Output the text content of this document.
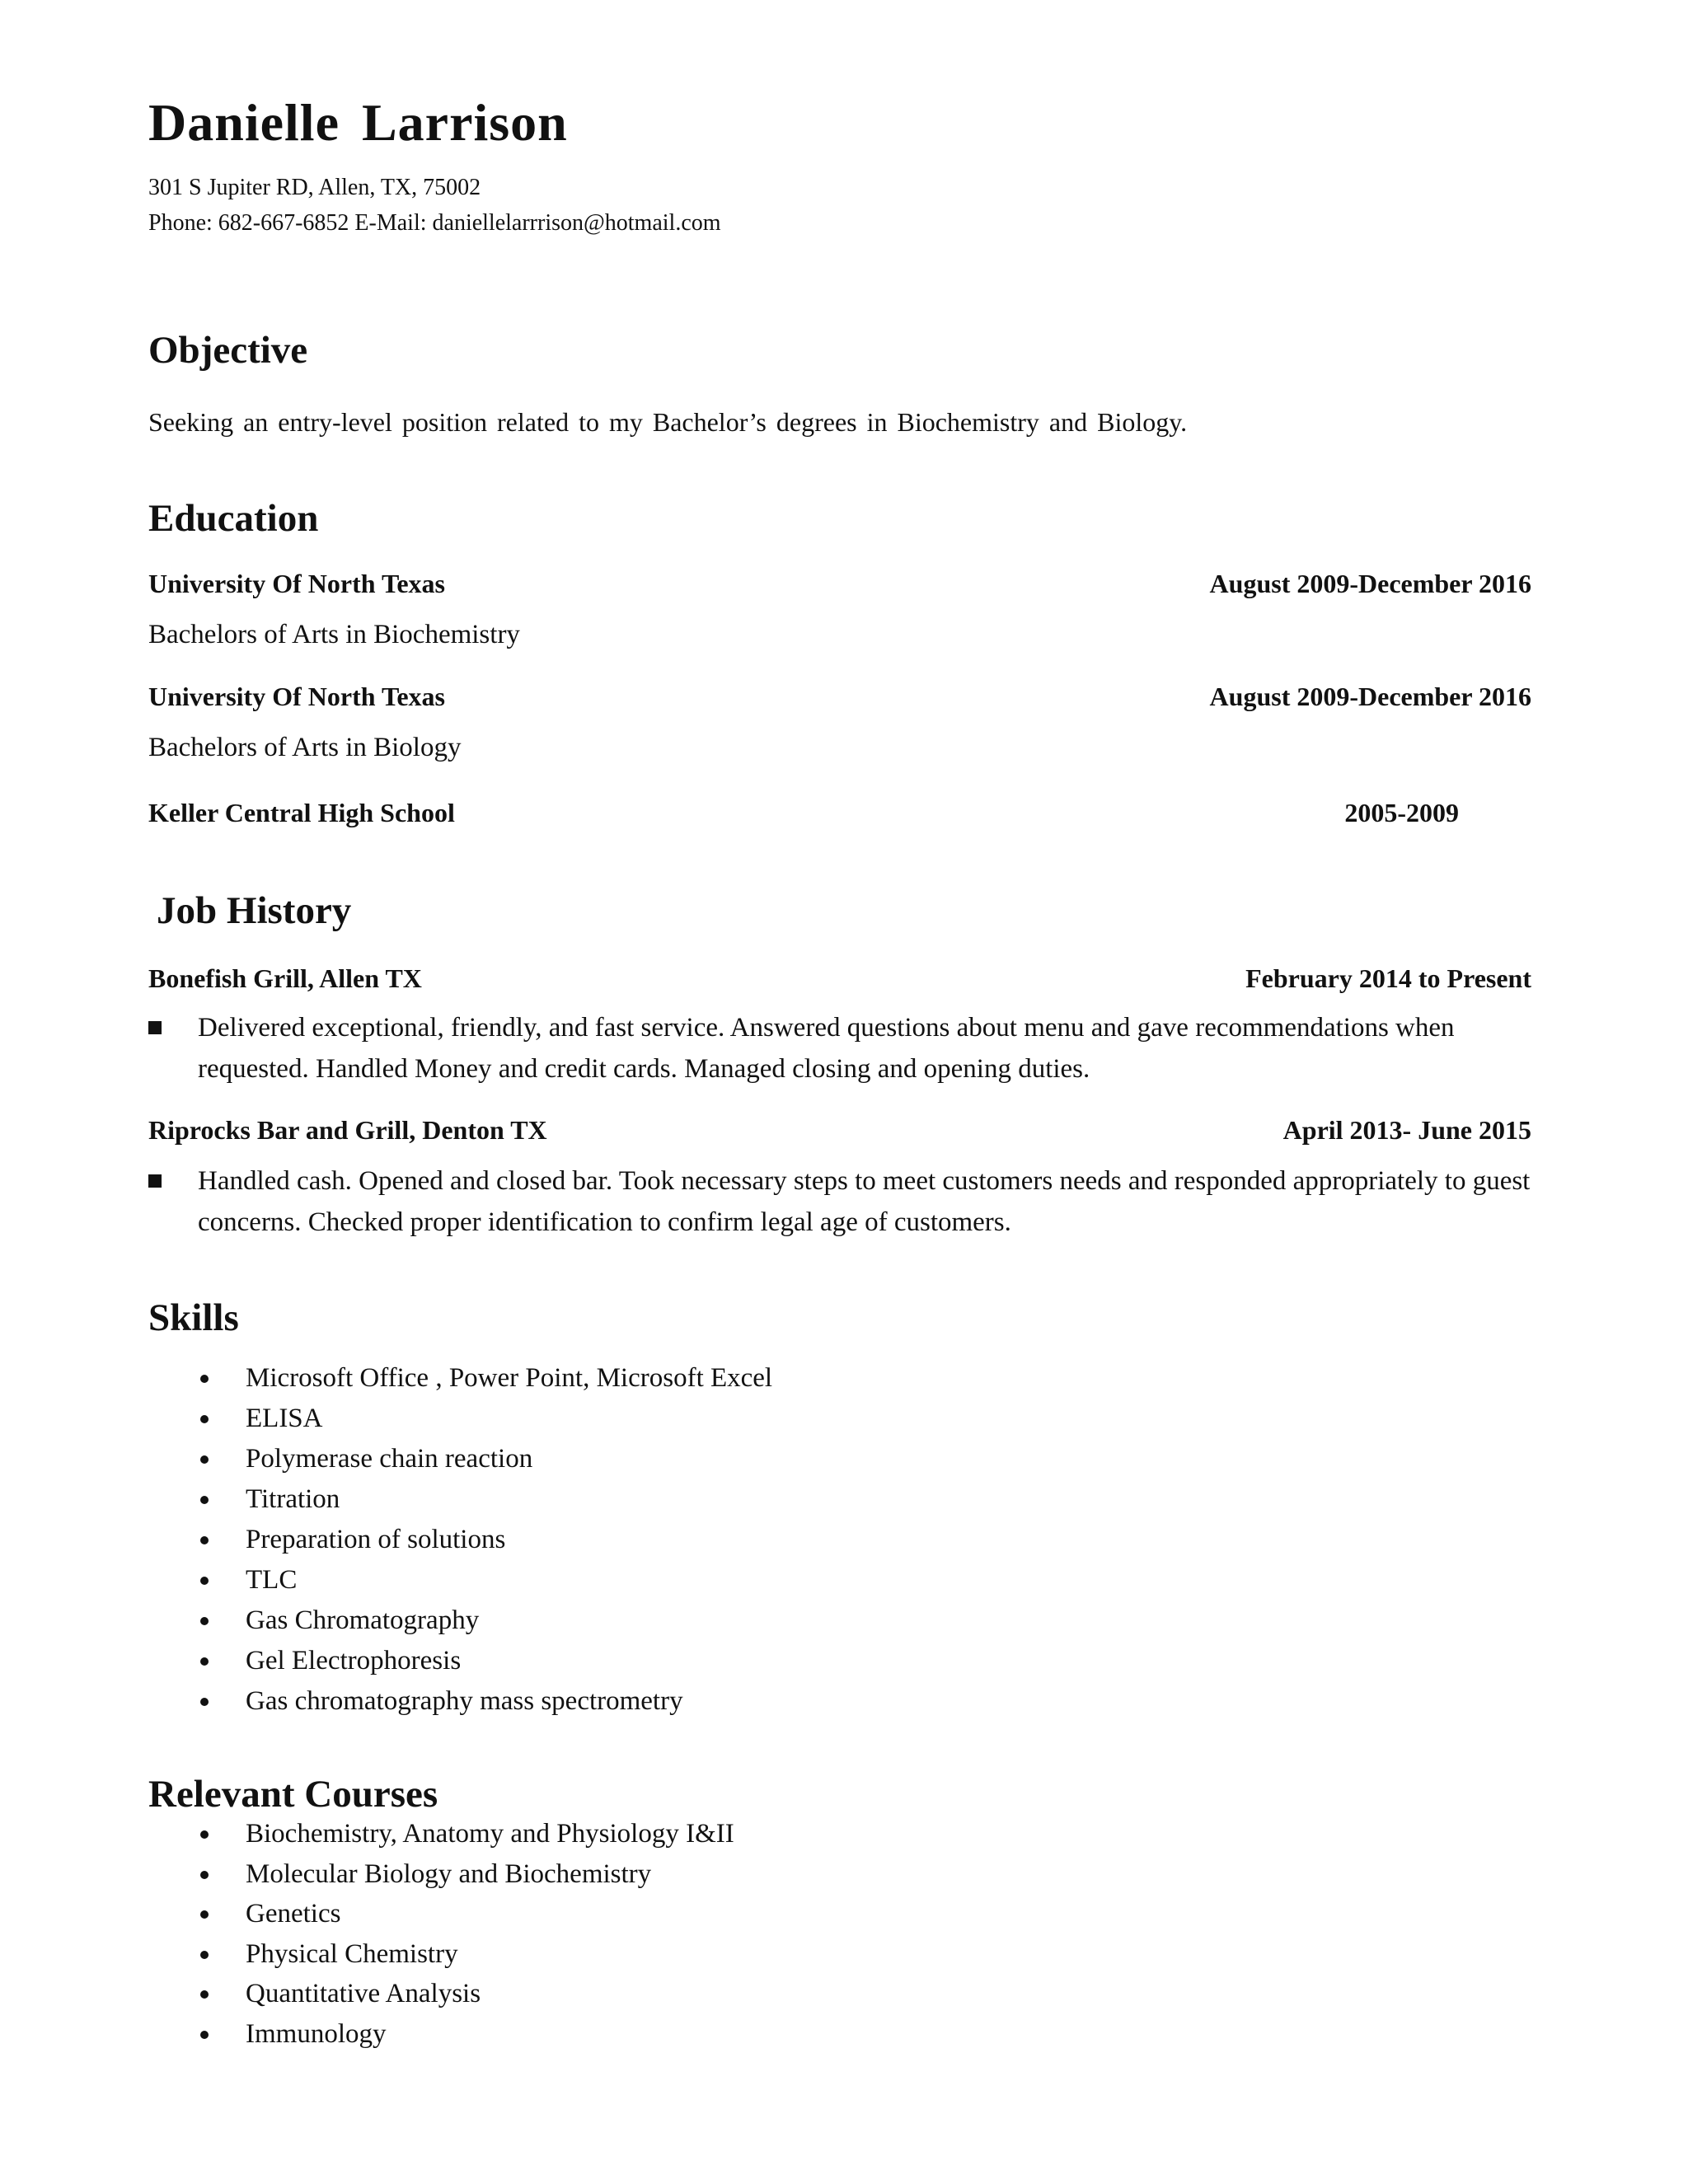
Danielle Larrison
301 S Jupiter RD, Allen, TX, 75002
Phone: 682-667-6852 E-Mail: daniellelarrrison@hotmail.com
Objective
Seeking an entry-level position related to my Bachelor’s degrees in Biochemistry and Biology.
Education
University Of North Texas	August 2009-December 2016
Bachelors of Arts in Biochemistry
University Of North Texas	August 2009-December 2016
Bachelors of Arts in Biology
Keller Central High School	2005-2009
Job History
Bonefish Grill, Allen TX	February 2014 to Present
Delivered exceptional, friendly, and fast service. Answered questions about menu and gave recommendations when requested. Handled Money and credit cards. Managed closing and opening duties.
Riprocks Bar and Grill, Denton TX	April 2013- June 2015
Handled cash. Opened and closed bar. Took necessary steps to meet customers needs and responded appropriately to guest concerns. Checked proper identification to confirm legal age of customers.
Skills
Microsoft Office , Power Point, Microsoft Excel
ELISA
Polymerase chain reaction
Titration
Preparation of solutions
TLC
Gas Chromatography
Gel Electrophoresis
Gas chromatography mass spectrometry
Relevant Courses
Biochemistry, Anatomy and Physiology I&II
Molecular Biology and Biochemistry
Genetics
Physical Chemistry
Quantitative Analysis
Immunology
